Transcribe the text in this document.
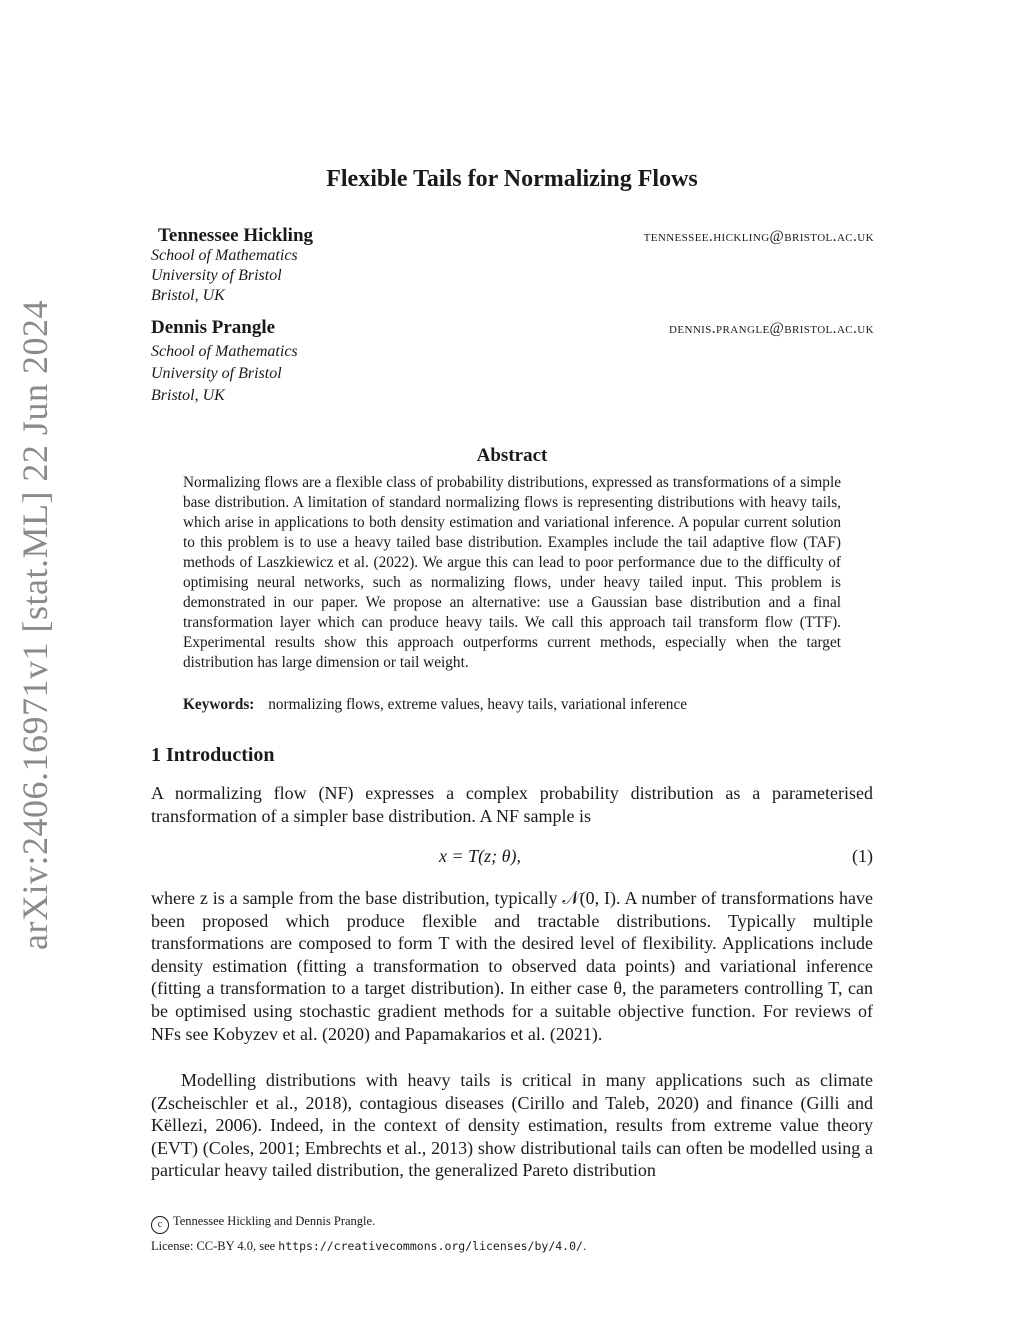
arXiv:2406.16971v1 [stat.ML] 22 Jun 2024
Flexible Tails for Normalizing Flows
Tennessee Hickling	tennessee.hickling@bristol.ac.uk
School of Mathematics
University of Bristol
Bristol, UK
Dennis Prangle	dennis.prangle@bristol.ac.uk
School of Mathematics
University of Bristol
Bristol, UK
Abstract
Normalizing flows are a flexible class of probability distributions, expressed as transformations of a simple base distribution. A limitation of standard normalizing flows is representing distributions with heavy tails, which arise in applications to both density estimation and variational inference. A popular current solution to this problem is to use a heavy tailed base distribution. Examples include the tail adaptive flow (TAF) methods of Laszkiewicz et al. (2022). We argue this can lead to poor performance due to the difficulty of optimising neural networks, such as normalizing flows, under heavy tailed input. This problem is demonstrated in our paper. We propose an alternative: use a Gaussian base distribution and a final transformation layer which can produce heavy tails. We call this approach tail transform flow (TTF). Experimental results show this approach outperforms current methods, especially when the target distribution has large dimension or tail weight.
Keywords: normalizing flows, extreme values, heavy tails, variational inference
1 Introduction
A normalizing flow (NF) expresses a complex probability distribution as a parameterised transformation of a simpler base distribution. A NF sample is
x = T(z; θ),	(1)
where z is a sample from the base distribution, typically 𝒩(0, I). A number of transformations have been proposed which produce flexible and tractable distributions. Typically multiple transformations are composed to form T with the desired level of flexibility. Applications include density estimation (fitting a transformation to observed data points) and variational inference (fitting a transformation to a target distribution). In either case θ, the parameters controlling T, can be optimised using stochastic gradient methods for a suitable objective function. For reviews of NFs see Kobyzev et al. (2020) and Papamakarios et al. (2021).
Modelling distributions with heavy tails is critical in many applications such as climate (Zscheischler et al., 2018), contagious diseases (Cirillo and Taleb, 2020) and finance (Gilli and Këllezi, 2006). Indeed, in the context of density estimation, results from extreme value theory (EVT) (Coles, 2001; Embrechts et al., 2013) show distributional tails can often be modelled using a particular heavy tailed distribution, the generalized Pareto distribution
c Tennessee Hickling and Dennis Prangle.
License: CC-BY 4.0, see https://creativecommons.org/licenses/by/4.0/.
